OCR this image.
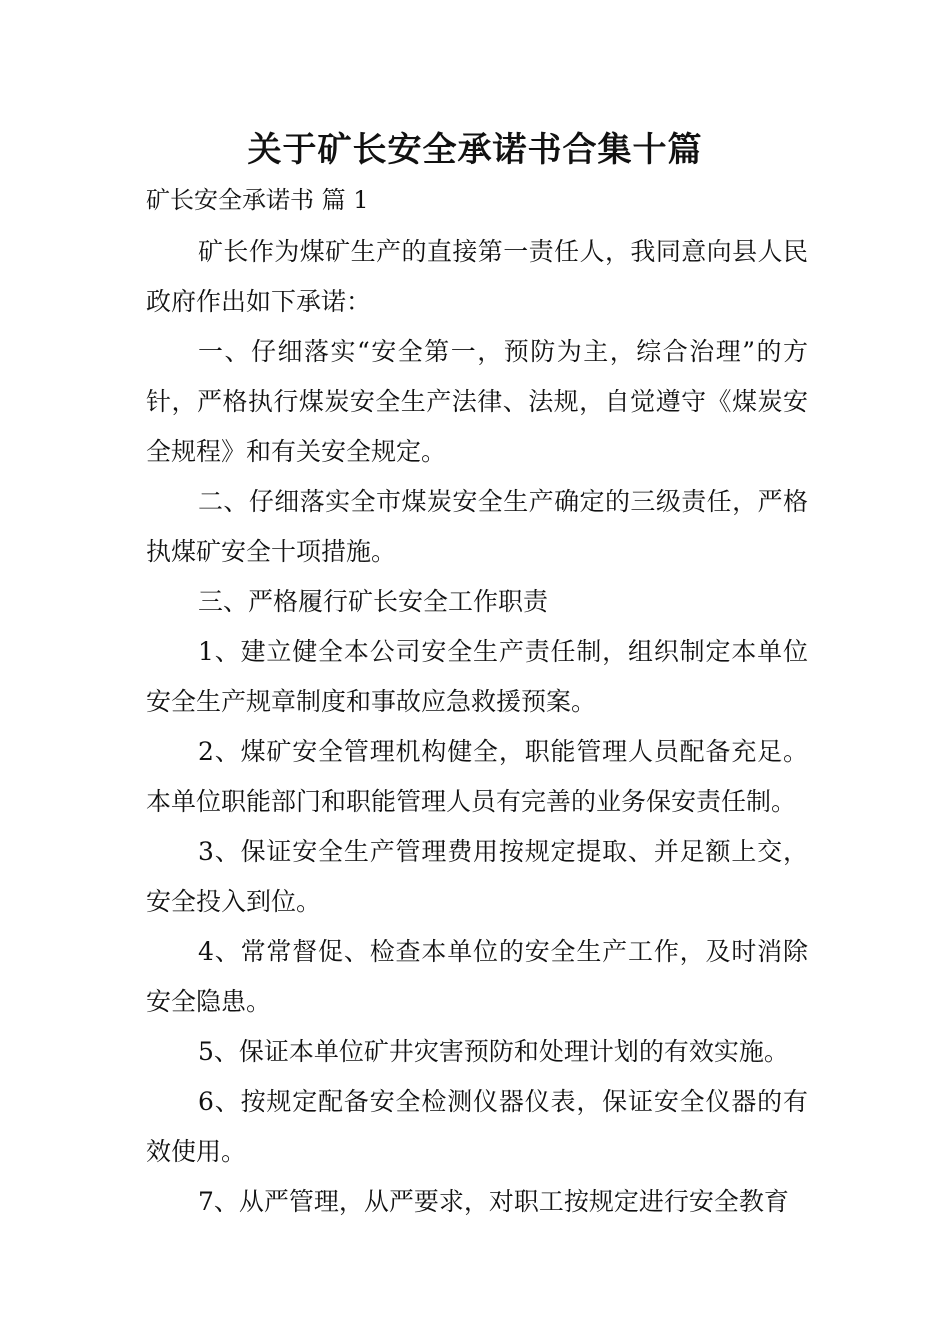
关于矿长安全承诺书合集十篇
矿长安全承诺书 篇 1

矿长作为煤矿生产的直接第一责任人，我同意向县人民政府作出如下承诺：

一、仔细落实“安全第一，预防为主，综合治理”的方针，严格执行煤炭安全生产法律、法规，自觉遵守《煤炭安全规程》和有关安全规定。

二、仔细落实全市煤炭安全生产确定的三级责任，严格执煤矿安全十项措施。

三、严格履行矿长安全工作职责

1、建立健全本公司安全生产责任制，组织制定本单位安全生产规章制度和事故应急救援预案。

2、煤矿安全管理机构健全，职能管理人员配备充足。本单位职能部门和职能管理人员有完善的业务保安责任制。

3、保证安全生产管理费用按规定提取、并足额上交，安全投入到位。

4、常常督促、检查本单位的安全生产工作，及时消除安全隐患。

5、保证本单位矿井灾害预防和处理计划的有效实施。

6、按规定配备安全检测仪器仪表，保证安全仪器的有效使用。

7、从严管理，从严要求，对职工按规定进行安全教育
